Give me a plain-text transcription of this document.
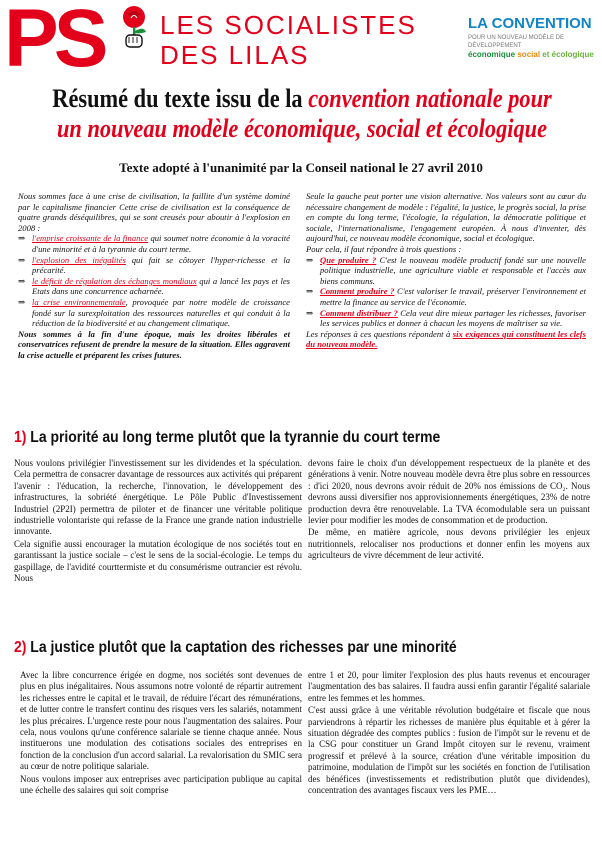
PS	LES SOCIALISTES
DES LILAS
LA CONVENTION
POUR UN NOUVEAU MODÈLE DE DÉVELOPPEMENT
économique social et écologique
Résumé du texte issu de la convention nationale pour
un nouveau modèle économique, social et écologique
Texte adopté à l'unanimité par la Conseil national le 27 avril 2010

Nous sommes face à une crise de civilisation, la faillite d'un système dominé par le capitalisme financier Cette crise de civilisation est la conséquence de quatre grands déséquilibres, qui se sont creusés pour aboutir à l'explosion en 2008 :

⇒ l'emprise croissante de la finance qui soumet notre économie à la voracité d'une minorité et à la tyrannie du court terme.
⇒ l'explosion des inégalités qui fait se côtoyer l'hyper-richesse et la précarité.
⇒ le déficit de régulation des échanges mondiaux qui a lancé les pays et les Etats dans une concurrence acharnée.
⇒ la crise environnementale, provoquée par notre modèle de croissance fondé sur la surexploitation des ressources naturelles et qui conduit à la réduction de la biodiversité et au changement climatique.

Nous sommes à la fin d'une époque, mais les droites libérales et conservatrices refusent de prendre la mesure de la situation. Elles aggravent la crise actuelle et préparent les crises futures.

Seule la gauche peut porter une vision alternative. Nos valeurs sont au cœur du nécessaire changement de modèle : l'égalité, la justice, le progrès social, la prise en compte du long terme, l'écologie, la régulation, la démocratie politique et sociale, l'internationalisme, l'engagement européen. À nous d'inventer, dès aujourd'hui, ce nouveau modèle économique, social et écologique.

Pour cela, il faut répondre à trois questions :

⇒ Que produire ? C'est le nouveau modèle productif fondé sur une nouvelle politique industrielle, une agriculture viable et responsable et l'accès aux biens communs.
⇒ Comment produire ? C'est valoriser le travail, préserver l'environnement et mettre la finance au service de l'économie.
⇒ Comment distribuer ? Cela veut dire mieux partager les richesses, favoriser les services publics et donner à chacun les moyens de maîtriser sa vie.

Les réponses à ces questions répondent à six exigences qui constituent les clefs du nouveau modèle.

1) La priorité au long terme plutôt que la tyrannie du court terme

Nous voulons privilégier l'investissement sur les dividendes et la spéculation. Cela permettra de consacrer davantage de ressources aux activités qui préparent l'avenir : l'éducation, la recherche, l'innovation, le développement des infrastructures, la sobriété énergétique. Le Pôle Public d'Investissement Industriel (2P2I) permettra de piloter et de financer une véritable politique industrielle volontariste qui refasse de la France une grande nation industrielle innovante.

Cela signifie aussi encourager la mutation écologique de nos sociétés tout en garantissant la justice sociale – c'est le sens de la social-écologie. Le temps du gaspillage, de l'avidité courttermiste et du consumérisme outrancier est révolu. Nous

devons faire le choix d'un développement respectueux de la planète et des générations à venir. Notre nouveau modèle devra être plus sobre en ressources : d'ici 2020, nous devrons avoir réduit de 20% nos émissions de CO₂. Nous devrons aussi diversifier nos approvisionnements énergétiques, 23% de notre production devra être renouvelable. La TVA écomodulable sera un puissant levier pour modifier les modes de consommation et de production.

De même, en matière agricole, nous devons privilégier les enjeux nutritionnels, relocaliser nos productions et donner enfin les moyens aux agriculteurs de vivre décemment de leur activité.

2) La justice plutôt que la captation des richesses par une minorité

Avec la libre concurrence érigée en dogme, nos sociétés sont devenues de plus en plus inégalitaires. Nous assumons notre volonté de répartir autrement les richesses entre le capital et le travail, de réduire l'écart des rémunérations, et de lutter contre le transfert continu des risques vers les salariés, notamment les plus précaires. L'urgence reste pour nous l'augmentation des salaires. Pour cela, nous voulons qu'une conférence salariale se tienne chaque année. Nous instituerons une modulation des cotisations sociales des entreprises en fonction de la conclusion d'un accord salarial. La revalorisation du SMIC sera au cœur de notre politique salariale.

Nous voulons imposer aux entreprises avec participation publique au capital une échelle des salaires qui soit comprise

entre 1 et 20, pour limiter l'explosion des plus hauts revenus et encourager l'augmentation des bas salaires. Il faudra aussi enfin garantir l'égalité salariale entre les femmes et les hommes.

C'est aussi grâce à une véritable révolution budgétaire et fiscale que nous parviendrons à répartir les richesses de manière plus équitable et à gérer la situation dégradée des comptes publics : fusion de l'impôt sur le revenu et de la CSG pour constituer un Grand Impôt citoyen sur le revenu, vraiment progressif et prélevé à la source, création d'une véritable imposition du patrimoine, modulation de l'impôt sur les sociétés en fonction de l'utilisation des bénéfices (investissements et redistribution plutôt que dividendes), concentration des avantages fiscaux vers les PME…
